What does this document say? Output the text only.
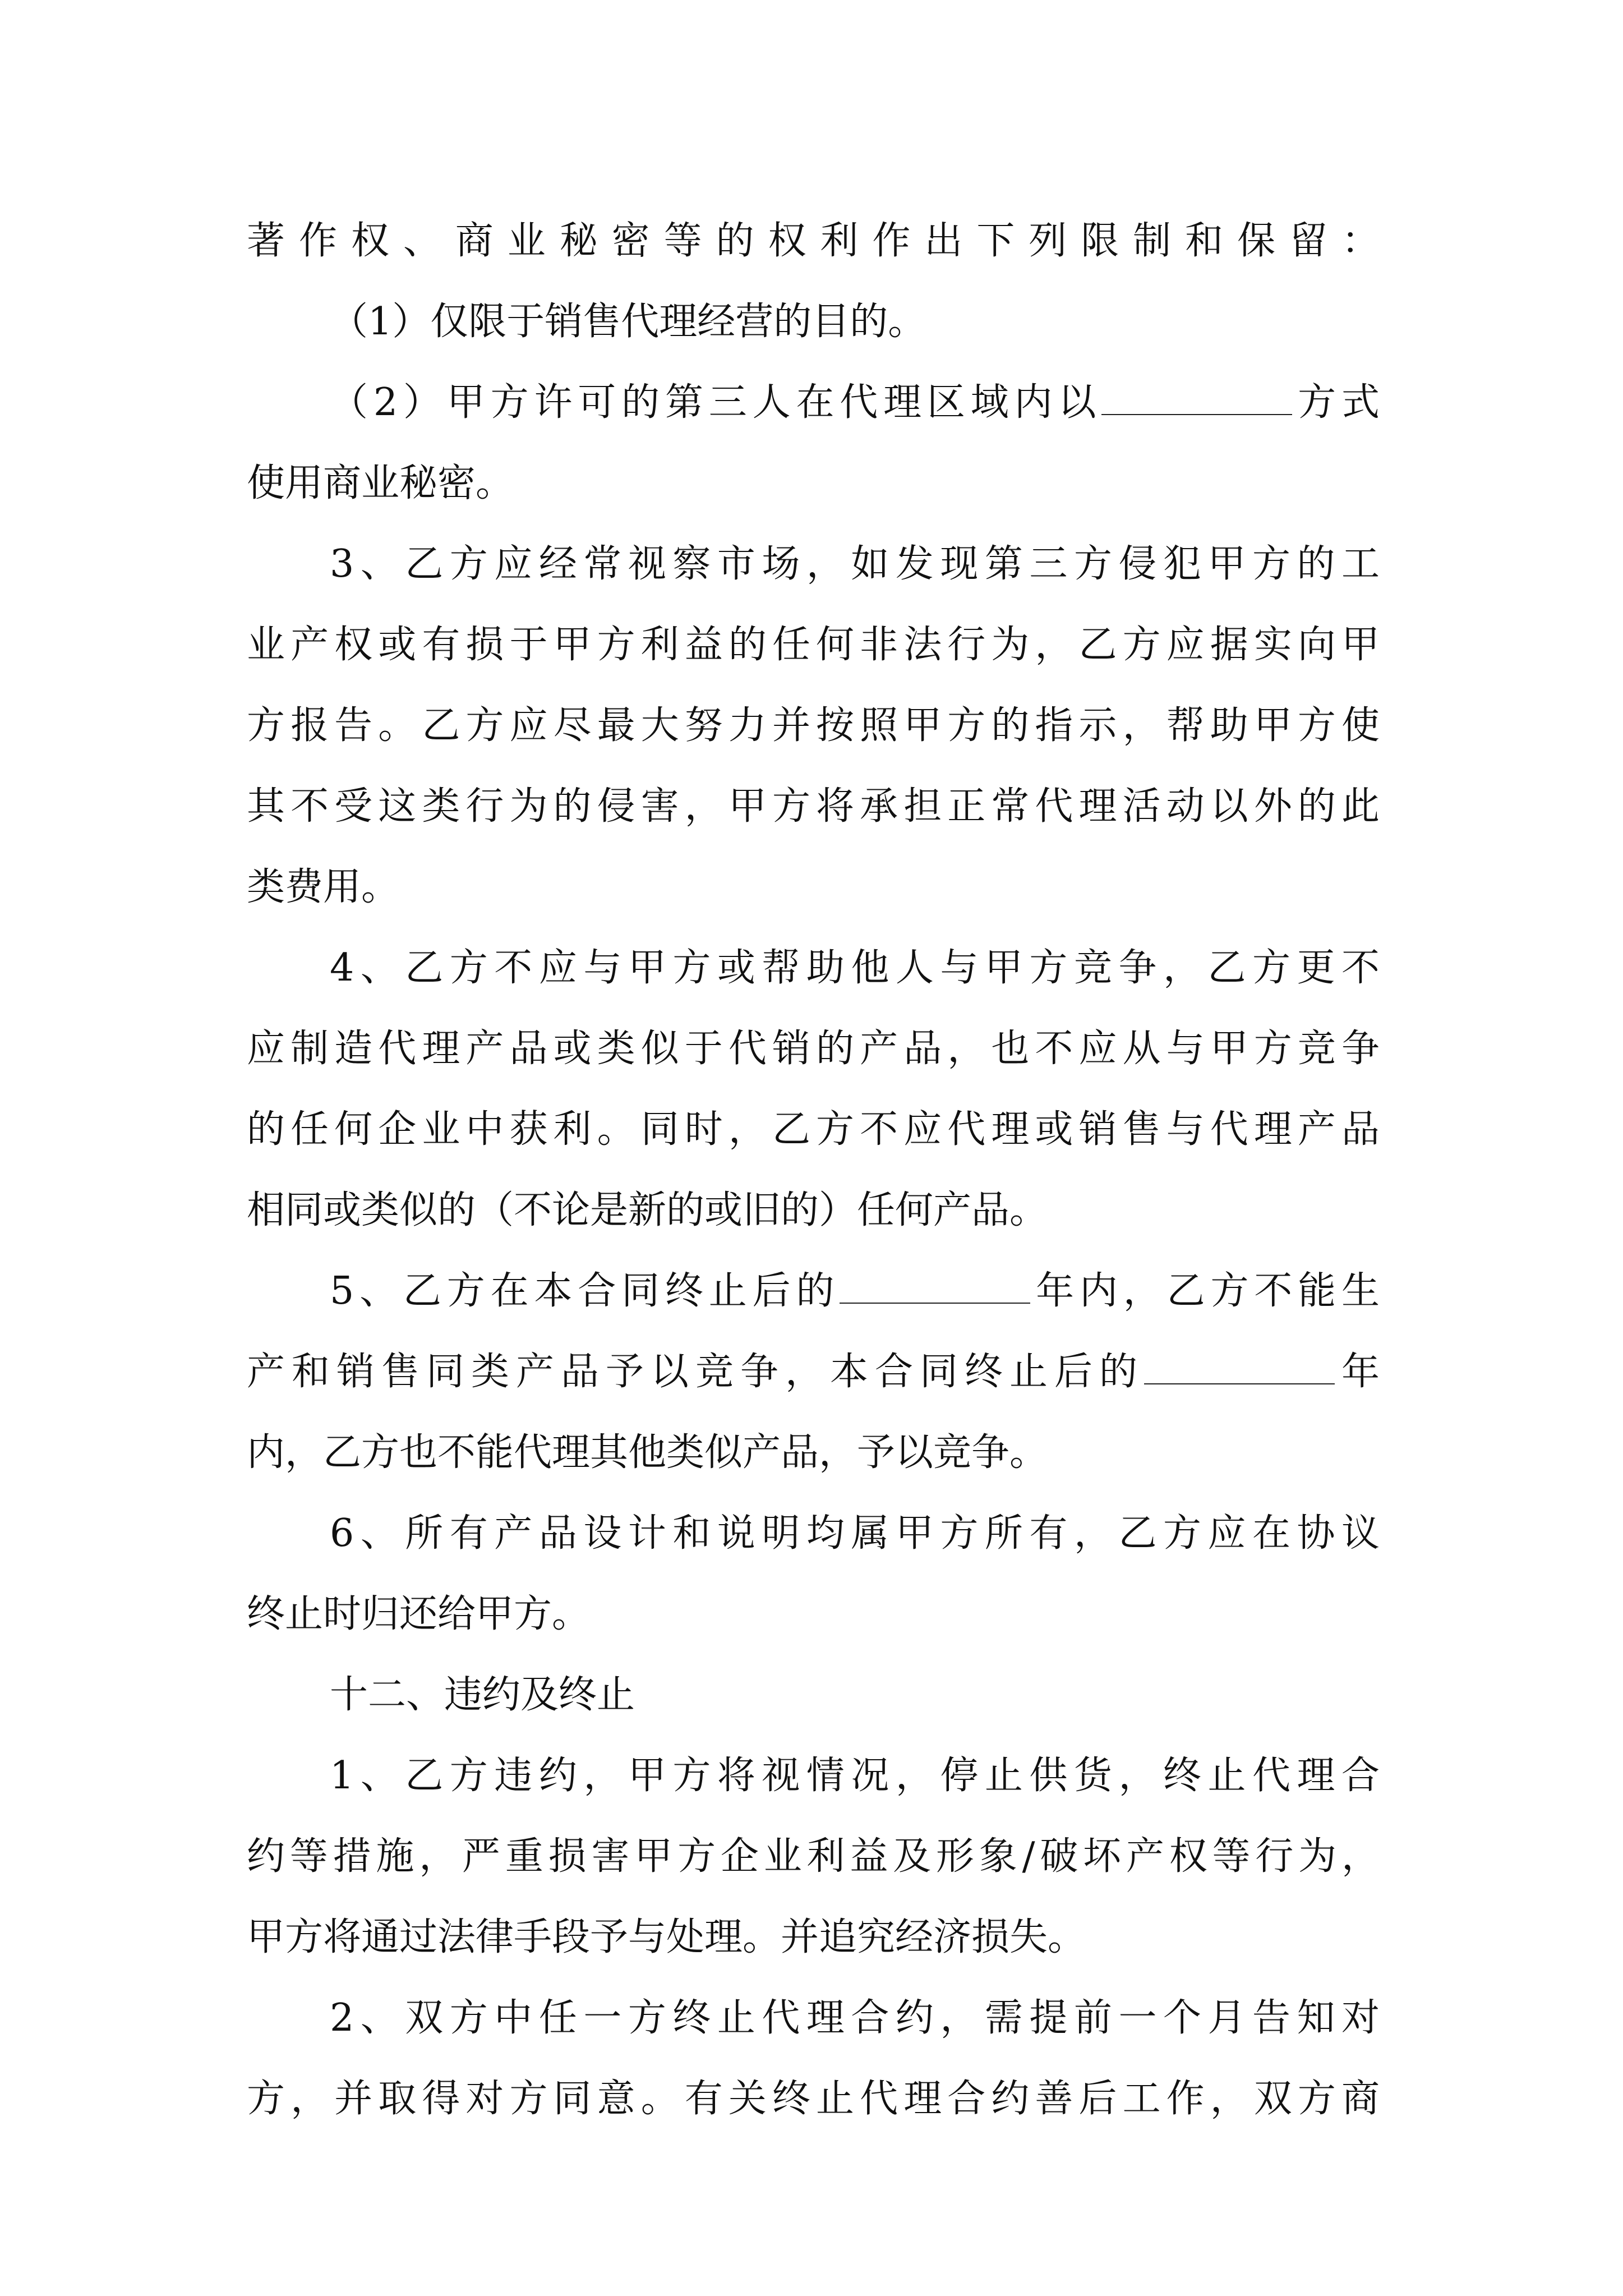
著作权、商业秘密等的权利作出下列限制和保留：
（1）仅限于销售代理经营的目的。
（2）甲方许可的第三人在代理区域内以	方式
使用商业秘密。
3、乙方应经常视察市场，如发现第三方侵犯甲方的工
业产权或有损于甲方利益的任何非法行为，乙方应据实向甲
方报告。乙方应尽最大努力并按照甲方的指示，帮助甲方使
其不受这类行为的侵害，甲方将承担正常代理活动以外的此
类费用。
4、乙方不应与甲方或帮助他人与甲方竞争，乙方更不
应制造代理产品或类似于代销的产品，也不应从与甲方竞争
的任何企业中获利。同时，乙方不应代理或销售与代理产品
相同或类似的（不论是新的或旧的）任何产品。
5、乙方在本合同终止后的	年内，乙方不能生
产和销售同类产品予以竞争，本合同终止后的	年
内，乙方也不能代理其他类似产品，予以竞争。
6、所有产品设计和说明均属甲方所有，乙方应在协议
终止时归还给甲方。
十二、违约及终止
1、乙方违约，甲方将视情况，停止供货，终止代理合
约等措施，严重损害甲方企业利益及形象/破坏产权等行为，
甲方将通过法律手段予与处理。并追究经济损失。
2、双方中任一方终止代理合约，需提前一个月告知对
方，并取得对方同意。有关终止代理合约善后工作，双方商
